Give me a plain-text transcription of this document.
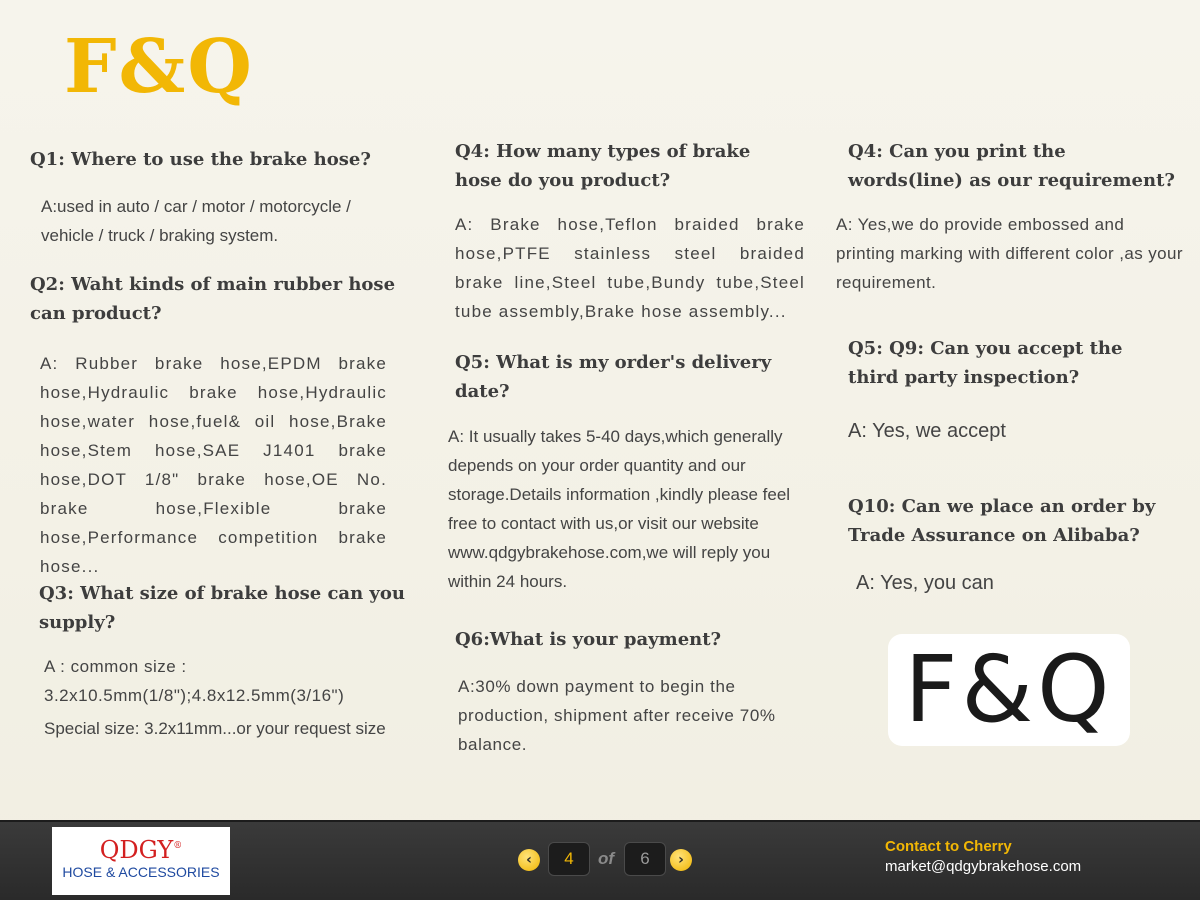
F&Q
Q1: Where to use the brake hose?
A:used in auto / car / motor / motorcycle / vehicle / truck / braking system.
Q2: Waht kinds of main rubber hose can product?
A: Rubber brake hose,EPDM brake hose,Hydraulic brake hose,Hydraulic hose,water hose,fuel& oil hose,Brake hose,Stem hose,SAE J1401 brake hose,DOT 1/8" brake hose,OE No. brake hose,Flexible brake hose,Performance competition brake hose...
Q3: What size of brake hose can you supply?
A : common size : 3.2x10.5mm(1/8");4.8x12.5mm(3/16")
Special size: 3.2x11mm...or your request size
Q4: How many types of brake hose do you product?
A: Brake hose,Teflon braided brake hose,PTFE stainless steel braided brake line,Steel tube,Bundy tube,Steel tube assembly,Brake hose assembly...
Q5: What is my order's delivery date?
A: It usually takes 5-40 days,which generally depends on your order quantity and our storage.Details information ,kindly please feel free to contact with us,or visit our website www.qdgybrakehose.com,we will reply you within 24 hours.
Q6:What is your payment?
A:30% down payment to begin the production, shipment after receive 70% balance.
Q4: Can you print the words(line) as our requirement?
A: Yes,we do provide embossed and printing marking with different color ,as your requirement.
Q5: Q9: Can you accept the third party inspection?
A: Yes, we accept
Q10: Can we place an order by Trade Assurance on Alibaba?
A: Yes, you can
F&Q
QDGY®
HOSE & ACCESSORIES
‹	4	of	6	›
Contact to Cherry
market@qdgybrakehose.com
